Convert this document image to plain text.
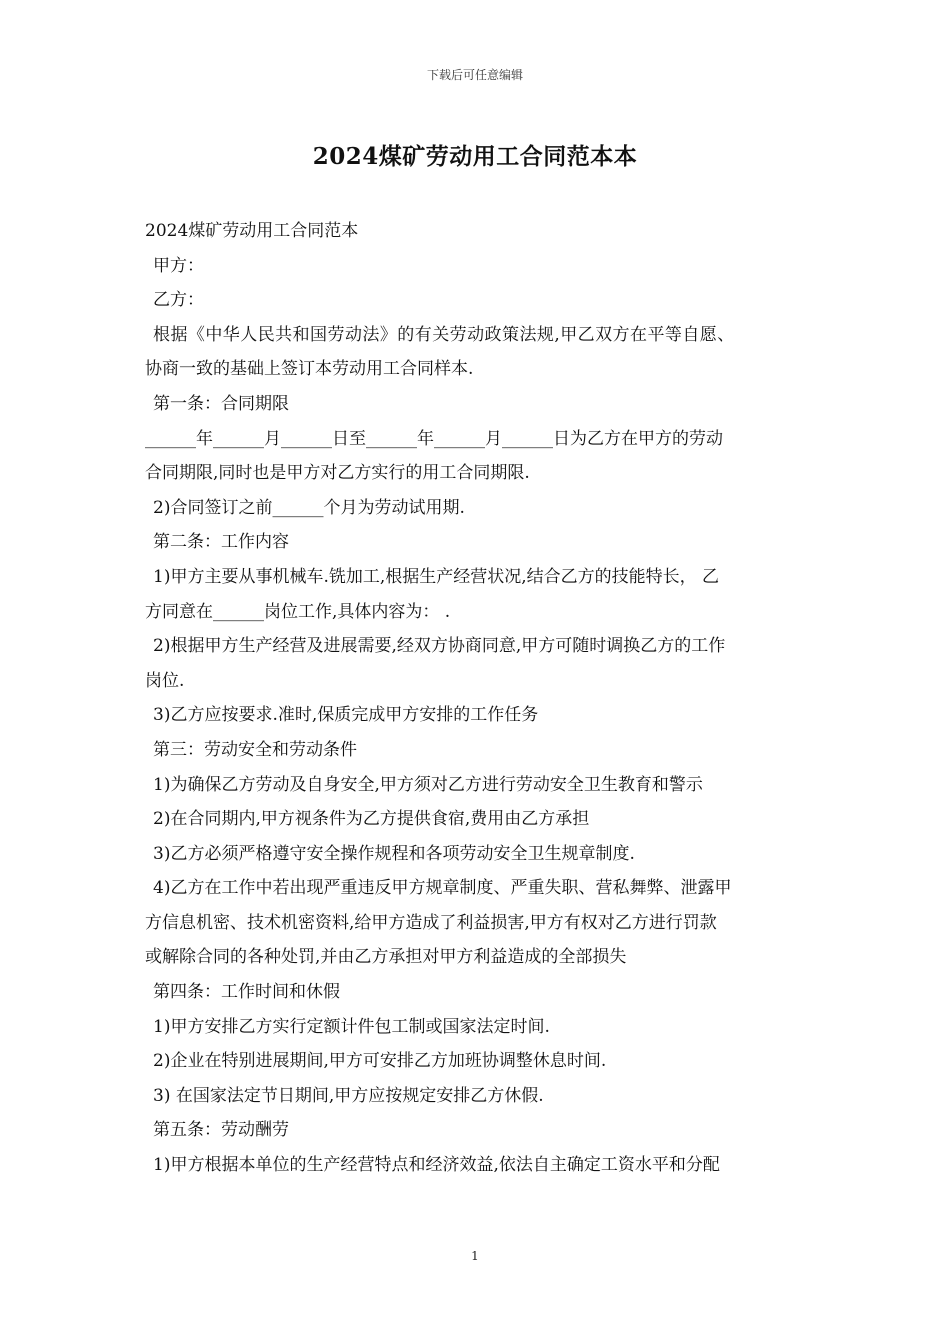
下载后可任意编辑
2024煤矿劳动用工合同范本本
2024煤矿劳动用工合同范本
甲方：
乙方：
根据《中华人民共和国劳动法》的有关劳动政策法规,甲乙双方在平等自愿、
协商一致的基础上签订本劳动用工合同样本.
第一条：合同期限
______年______月______日至______年______月______日为乙方在甲方的劳动
合同期限,同时也是甲方对乙方实行的用工合同期限.
2)合同签订之前______个月为劳动试用期.
第二条：工作内容
1)甲方主要从事机械车.铣加工,根据生产经营状况,结合乙方的技能特长， 乙
方同意在______岗位工作,具体内容为： .
2)根据甲方生产经营及进展需要,经双方协商同意,甲方可随时调换乙方的工作
岗位.
3)乙方应按要求.准时,保质完成甲方安排的工作任务
第三：劳动安全和劳动条件
1)为确保乙方劳动及自身安全,甲方须对乙方进行劳动安全卫生教育和警示
2)在合同期内,甲方视条件为乙方提供食宿,费用由乙方承担
3)乙方必须严格遵守安全操作规程和各项劳动安全卫生规章制度.
4)乙方在工作中若出现严重违反甲方规章制度、严重失职、营私舞弊、泄露甲
方信息机密、技术机密资料,给甲方造成了利益损害,甲方有权对乙方进行罚款
或解除合同的各种处罚,并由乙方承担对甲方利益造成的全部损失
第四条：工作时间和休假
1)甲方安排乙方实行定额计件包工制或国家法定时间.
2)企业在特别进展期间,甲方可安排乙方加班协调整休息时间.
3) 在国家法定节日期间,甲方应按规定安排乙方休假.
第五条：劳动酬劳
1)甲方根据本单位的生产经营特点和经济效益,依法自主确定工资水平和分配
1
